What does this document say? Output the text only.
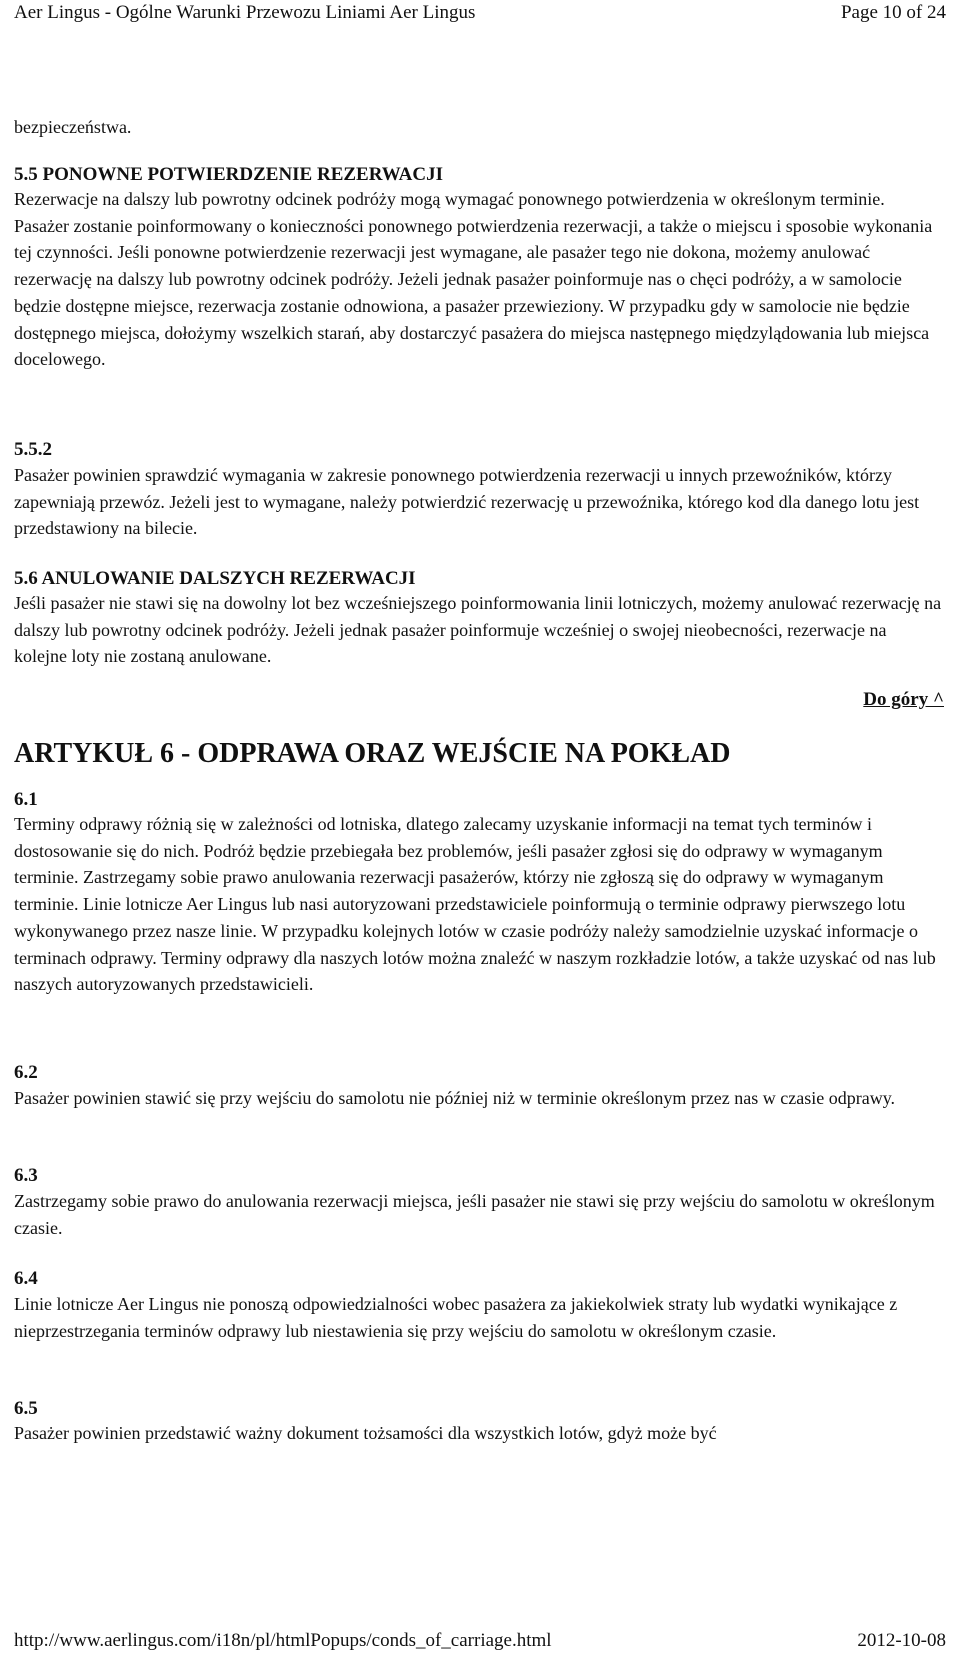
Aer Lingus - Ogólne Warunki Przewozu Liniami Aer Lingus	Page 10 of 24

bezpieczeństwa.

5.5 PONOWNE POTWIERDZENIE REZERWACJI

Rezerwacje na dalszy lub powrotny odcinek podróży mogą wymagać ponownego potwierdzenia w określonym terminie. Pasażer zostanie poinformowany o konieczności ponownego potwierdzenia rezerwacji, a także o miejscu i sposobie wykonania tej czynności. Jeśli ponowne potwierdzenie rezerwacji jest wymagane, ale pasażer tego nie dokona, możemy anulować rezerwację na dalszy lub powrotny odcinek podróży. Jeżeli jednak pasażer poinformuje nas o chęci podróży, a w samolocie będzie dostępne miejsce, rezerwacja zostanie odnowiona, a pasażer przewieziony. W przypadku gdy w samolocie nie będzie dostępnego miejsca, dołożymy wszelkich starań, aby dostarczyć pasażera do miejsca następnego międzylądowania lub miejsca docelowego.

5.5.2

Pasażer powinien sprawdzić wymagania w zakresie ponownego potwierdzenia rezerwacji u innych przewoźników, którzy zapewniają przewóz. Jeżeli jest to wymagane, należy potwierdzić rezerwację u przewoźnika, którego kod dla danego lotu jest przedstawiony na bilecie.

5.6 ANULOWANIE DALSZYCH REZERWACJI

Jeśli pasażer nie stawi się na dowolny lot bez wcześniejszego poinformowania linii lotniczych, możemy anulować rezerwację na dalszy lub powrotny odcinek podróży. Jeżeli jednak pasażer poinformuje wcześniej o swojej nieobecności, rezerwacje na kolejne loty nie zostaną anulowane.

Do góry ^

ARTYKUŁ 6 - ODPRAWA ORAZ WEJŚCIE NA POKŁAD

6.1

Terminy odprawy różnią się w zależności od lotniska, dlatego zalecamy uzyskanie informacji na temat tych terminów i dostosowanie się do nich. Podróż będzie przebiegała bez problemów, jeśli pasażer zgłosi się do odprawy w wymaganym terminie. Zastrzegamy sobie prawo anulowania rezerwacji pasażerów, którzy nie zgłoszą się do odprawy w wymaganym terminie. Linie lotnicze Aer Lingus lub nasi autoryzowani przedstawiciele poinformują o terminie odprawy pierwszego lotu wykonywanego przez nasze linie. W przypadku kolejnych lotów w czasie podróży należy samodzielnie uzyskać informacje o terminach odprawy. Terminy odprawy dla naszych lotów można znaleźć w naszym rozkładzie lotów, a także uzyskać od nas lub naszych autoryzowanych przedstawicieli.

6.2

Pasażer powinien stawić się przy wejściu do samolotu nie później niż w terminie określonym przez nas w czasie odprawy.

6.3

Zastrzegamy sobie prawo do anulowania rezerwacji miejsca, jeśli pasażer nie stawi się przy wejściu do samolotu w określonym czasie.

6.4

Linie lotnicze Aer Lingus nie ponoszą odpowiedzialności wobec pasażera za jakiekolwiek straty lub wydatki wynikające z nieprzestrzegania terminów odprawy lub niestawienia się przy wejściu do samolotu w określonym czasie.

6.5

Pasażer powinien przedstawić ważny dokument tożsamości dla wszystkich lotów, gdyż może być

http://www.aerlingus.com/i18n/pl/htmlPopups/conds_of_carriage.html	2012-10-08
